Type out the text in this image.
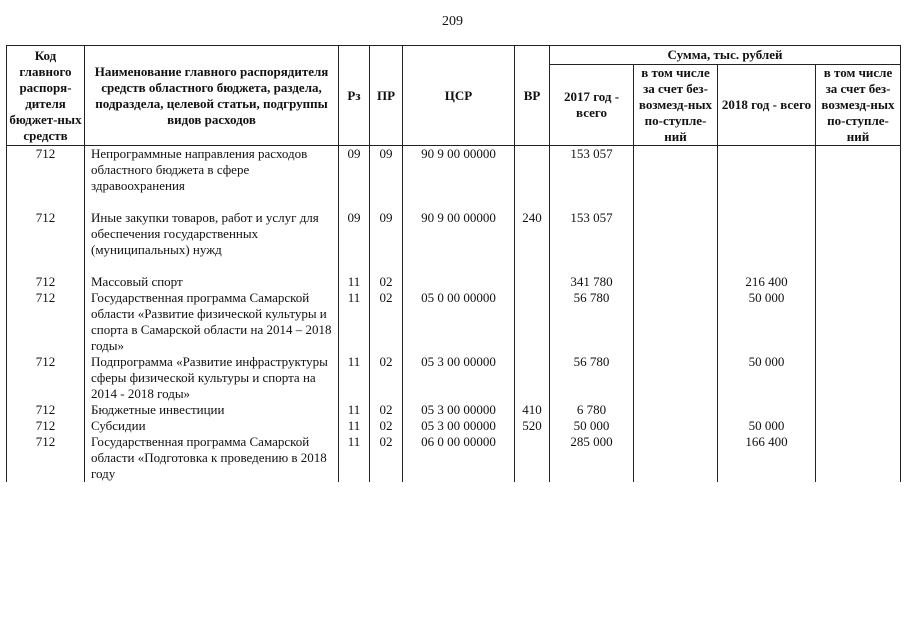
209
Код главного распоря-дителя бюджет-ных средств	Наименование главного распорядителя средств областного бюджета, раздела, подраздела, целевой статьи, подгруппы видов расходов	Рз	ПР	ЦСР	ВР	Сумма, тыс. рублей			
						2017 год - всего	в том числе за счет без-возмезд-ных по-ступле-ний	2018 год - всего	в том числе за счет без-возмезд-ных по-ступле-ний
712	Непрограммные направления расходов областного бюджета в сфере здравоохранения	09	09	90 9 00 00000		153 057			

712	Иные закупки товаров, работ и услуг для обеспечения государственных (муниципальных) нужд	09	09	90 9 00 00000	240	153 057			

712	Массовый спорт	11	02			341 780		216 400	
712	Государственная программа Самарской области «Развитие физической культуры и спорта в Самарской области на 2014 – 2018 годы»	11	02	05 0 00 00000		56 780		50 000	
712	Подпрограмма «Развитие инфраструктуры сферы физической культуры и спорта на 2014 - 2018 годы»	11	02	05 3 00 00000		56 780		50 000	
712	Бюджетные инвестиции	11	02	05 3 00 00000	410	6 780			
712	Субсидии	11	02	05 3 00 00000	520	50 000		50 000	
712	Государственная программа Самарской области «Подготовка к проведению в 2018 году	11	02	06 0 00 00000		285 000		166 400	
